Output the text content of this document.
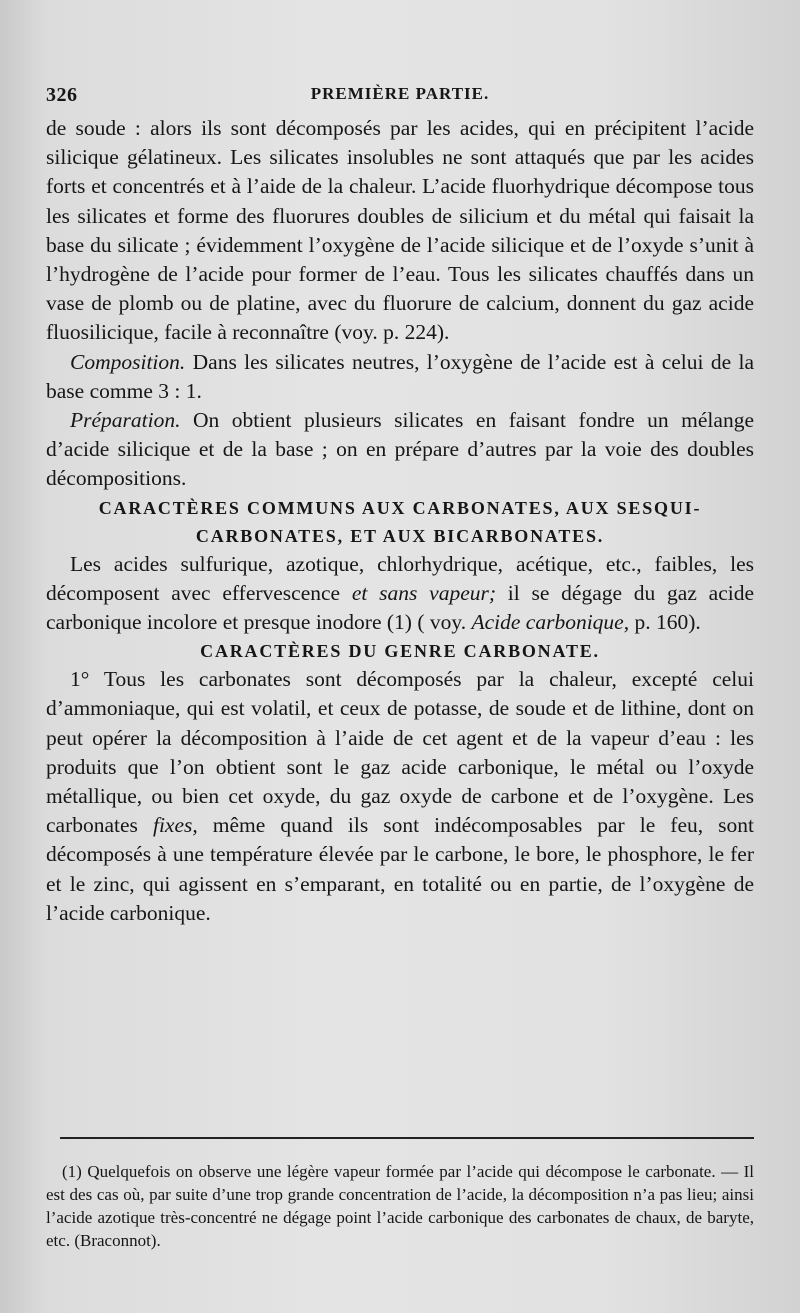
326	PREMIÈRE PARTIE.

de soude : alors ils sont décomposés par les acides, qui en précipitent l’acide silicique gélatineux. Les silicates insolubles ne sont attaqués que par les acides forts et concentrés et à l’aide de la chaleur. L’acide fluorhydrique décompose tous les silicates et forme des fluorures doubles de silicium et du métal qui faisait la base du silicate ; évidemment l’oxygène de l’acide silicique et de l’oxyde s’unit à l’hydrogène de l’acide pour former de l’eau. Tous les silicates chauffés dans un vase de plomb ou de platine, avec du fluorure de calcium, donnent du gaz acide fluosilicique, facile à reconnaître (voy. p. 224).

Composition. Dans les silicates neutres, l’oxygène de l’acide est à celui de la base comme 3 : 1.

Préparation. On obtient plusieurs silicates en faisant fondre un mélange d’acide silicique et de la base ; on en prépare d’autres par la voie des doubles décompositions.

CARACTÈRES COMMUNS AUX CARBONATES, AUX SESQUI-CARBONATES, ET AUX BICARBONATES.

Les acides sulfurique, azotique, chlorhydrique, acétique, etc., faibles, les décomposent avec effervescence et sans vapeur; il se dégage du gaz acide carbonique incolore et presque inodore (1) ( voy. Acide carbonique, p. 160).

CARACTÈRES DU GENRE CARBONATE.

1° Tous les carbonates sont décomposés par la chaleur, excepté celui d’ammoniaque, qui est volatil, et ceux de potasse, de soude et de lithine, dont on peut opérer la décomposition à l’aide de cet agent et de la vapeur d’eau : les produits que l’on obtient sont le gaz acide carbonique, le métal ou l’oxyde métallique, ou bien cet oxyde, du gaz oxyde de carbone et de l’oxygène. Les carbonates fixes, même quand ils sont indécomposables par le feu, sont décomposés à une température élevée par le carbone, le bore, le phosphore, le fer et le zinc, qui agissent en s’emparant, en totalité ou en partie, de l’oxygène de l’acide carbonique.

(1) Quelquefois on observe une légère vapeur formée par l’acide qui décompose le carbonate. — Il est des cas où, par suite d’une trop grande concentration de l’acide, la décomposition n’a pas lieu; ainsi l’acide azotique très-concentré ne dégage point l’acide carbonique des carbonates de chaux, de baryte, etc. (Braconnot).
